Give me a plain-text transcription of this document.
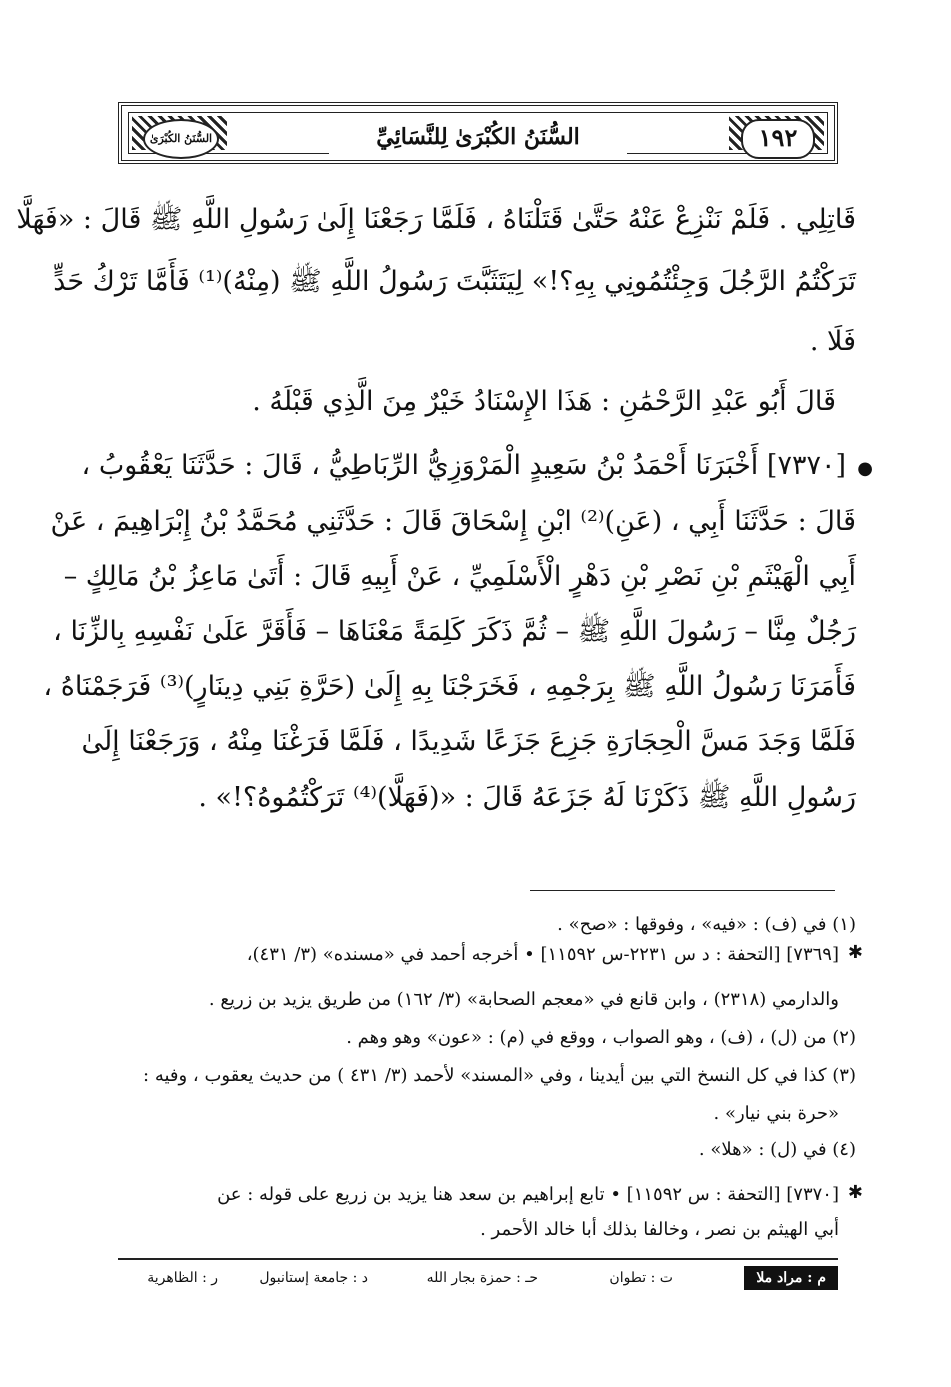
السُّنَنُ الكُبْرَىٰ	السُّنَنُ الكُبْرَىٰ لِلنَّسَائِيِّ	١٩٢
قَاتِلِي . فَلَمْ نَنْزِعْ عَنْهُ حَتَّىٰ قَتَلْنَاهُ ، فَلَمَّا رَجَعْنَا إِلَىٰ رَسُولِ اللَّهِ ﷺ قَالَ : «فَهَلَّا
تَرَكْتُمُ الرَّجُلَ وَجِئْتُمُونِي بِهِ؟!» لِيَتَثَبَّتَ رَسُولُ اللَّهِ ﷺ (مِنْهُ)⁽¹⁾ فَأَمَّا تَرْكُ حَدٍّ
فَلَا .
قَالَ أَبُو عَبْدِ الرَّحْمَٰنِ : هَذَا الإِسْنَادُ خَيْرٌ مِنَ الَّذِي قَبْلَهُ .
●
[٧٣٧٠] أَخْبَرَنَا أَحْمَدُ بْنُ سَعِيدٍ الْمَرْوَزِيُّ الرِّبَاطِيُّ ، قَالَ : حَدَّثَنَا يَعْقُوبُ ،
قَالَ : حَدَّثَنَا أَبِي ، (عَنِ)⁽²⁾ ابْنِ إِسْحَاقَ قَالَ : حَدَّثَنِي مُحَمَّدُ بْنُ إِبْرَاهِيمَ ، عَنْ
أَبِي الْهَيْثَمِ بْنِ نَصْرِ بْنِ دَهْرٍ الْأَسْلَمِيِّ ، عَنْ أَبِيهِ قَالَ : أَتَىٰ مَاعِزُ بْنُ مَالِكٍ –
رَجُلٌ مِنَّا – رَسُولَ اللَّهِ ﷺ – ثُمَّ ذَكَرَ كَلِمَةً مَعْنَاهَا – فَأَقَرَّ عَلَىٰ نَفْسِهِ بِالزِّنَا ،
فَأَمَرَنَا رَسُولُ اللَّهِ ﷺ بِرَجْمِهِ ، فَخَرَجْنَا بِهِ إِلَىٰ (حَرَّةِ بَنِي دِينَارٍ)⁽³⁾ فَرَجَمْنَاهُ ،
فَلَمَّا وَجَدَ مَسَّ الْحِجَارَةِ جَزِعَ جَزَعًا شَدِيدًا ، فَلَمَّا فَرَغْنَا مِنْهُ ، وَرَجَعْنَا إِلَىٰ
رَسُولِ اللَّهِ ﷺ ذَكَرْنَا لَهُ جَزَعَهُ قَالَ : «(فَهَلَّا)⁽⁴⁾ تَرَكْتُمُوهُ؟!» .
(١) في (ف) : «فيه» ، وفوقها : «صح» .
✱
[٧٣٦٩] [التحفة : د س ٢٢٣١-س ١١٥٩٢] • أخرجه أحمد في «مسنده» (٣/ ٤٣١)،
والدارمي (٢٣١٨) ، وابن قانع في «معجم الصحابة» (٣/ ١٦٢) من طريق يزيد بن زريع .
(٢) من (ل) ، (ف) ، وهو الصواب ، ووقع في (م) : «عون» وهو وهم .
(٣) كذا في كل النسخ التي بين أيدينا ، وفي «المسند» لأحمد (٣/ ٤٣١ ) من حديث يعقوب ، وفيه :
«حرة بني نيار» .
(٤) في (ل) : «هلا» .
✱
[٧٣٧٠] [التحفة : س ١١٥٩٢] • تابع إبراهيم بن سعد هنا يزيد بن زريع على قوله : عن
أبي الهيثم بن نصر ، وخالفا بذلك أبا خالد الأحمر .
ت : تطوان
حـ : حمزة بجار الله
د : جامعة إستانبول
ر : الظاهرية	م : مراد ملا
